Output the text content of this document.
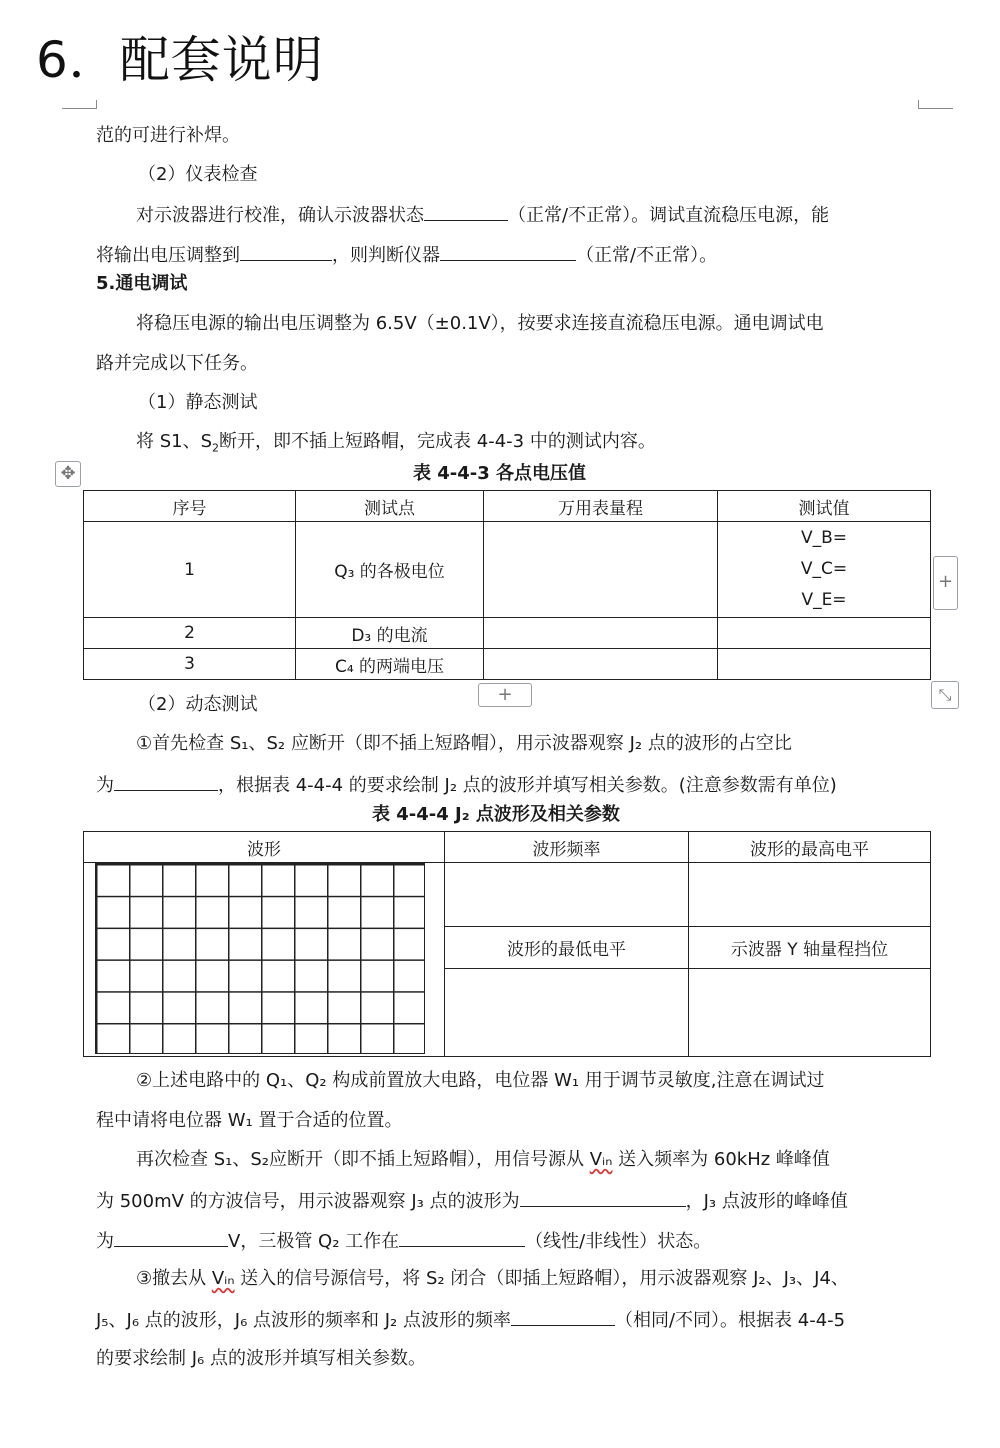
6．配套说明
范的可进行补焊。
（2）仪表检查
对示波器进行校准，确认示波器状态	（正常/不正常）。调试直流稳压电源，能
将输出电压调整到	，则判断仪器	（正常/不正常）。
5.通电调试
将稳压电源的输出电压调整为 6.5V（±0.1V），按要求连接直流稳压电源。通电调试电
路并完成以下任务。
（1）静态测试
将 S1、$S_2$断开，即不插上短路帽，完成表 4-4-3 中的测试内容。
✥	表 4-4-3 各点电压值
序号	测试点	万用表量程	测试值
1	Q₃ 的各极电位		V_B=
V_C=
V_E=

2	D₃ 的电流		
3	C₄ 的两端电压		
+
+	⤡
（2）动态测试
①首先检查 S₁、S₂ 应断开（即不插上短路帽），用示波器观察 J₂ 点的波形的占空比
为	，根据表 4-4-4 的要求绘制 J₂ 点的波形并填写相关参数。(注意参数需有单位)
表 4-4-4 J₂ 点波形及相关参数
波形	波形频率	波形的最高电平

	波形的最低电平	示波器 Y 轴量程挡位

②上述电路中的 Q₁、Q₂ 构成前置放大电路，电位器 W₁ 用于调节灵敏度,注意在调试过
程中请将电位器 W₁ 置于合适的位置。
再次检查 S₁、S₂应断开（即不插上短路帽），用信号源从 Vᵢₙ 送入频率为 60kHz 峰峰值
为 500mV 的方波信号，用示波器观察 J₃ 点的波形为	，J₃ 点波形的峰峰值
为	V，三极管 Q₂ 工作在	（线性/非线性）状态。
③撤去从 Vᵢₙ 送入的信号源信号，将 S₂ 闭合（即插上短路帽），用示波器观察 J₂、J₃、J4、
J₅、J₆ 点的波形，J₆ 点波形的频率和 J₂ 点波形的频率	（相同/不同）。根据表 4-4-5
的要求绘制 J₆ 点的波形并填写相关参数。
